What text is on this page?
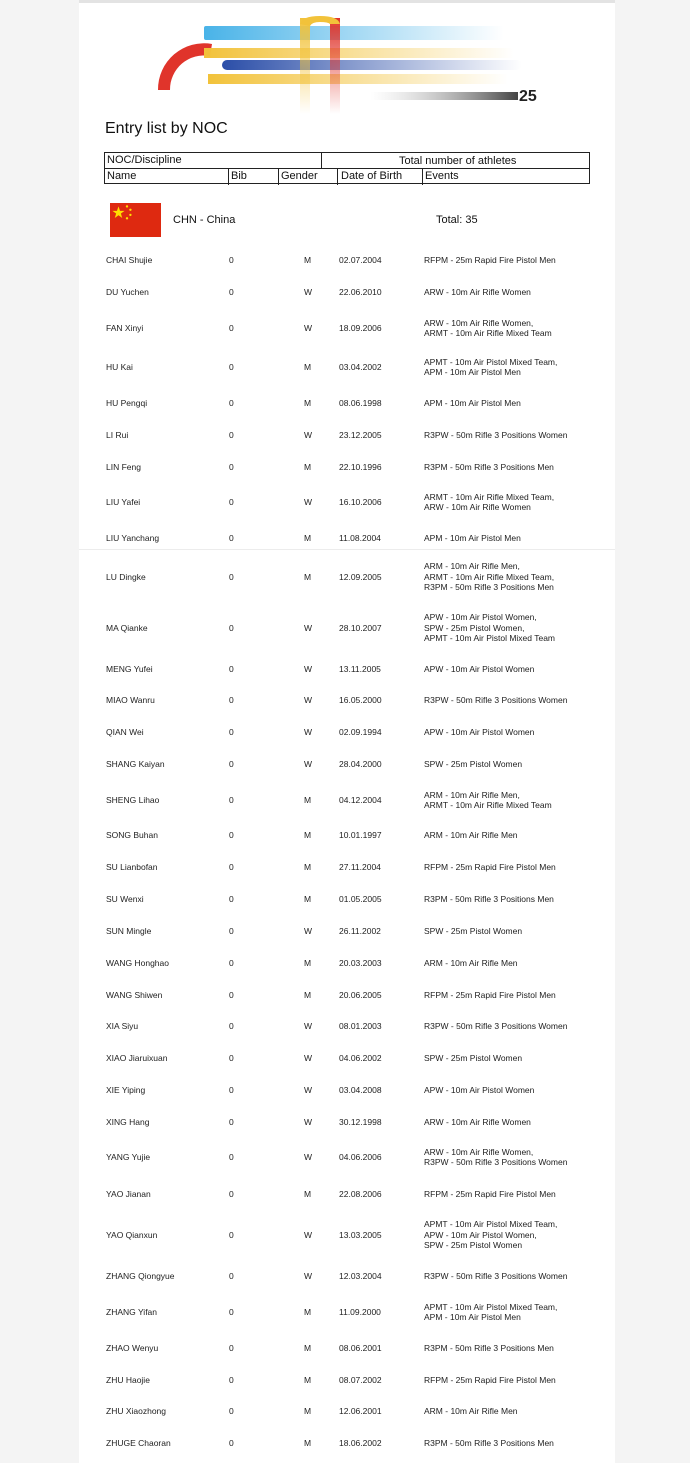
25
Entry list by NOC
NOC/Discipline	Total number of athletes
Name	Bib	Gender Date of Birth Events
CHN - China	Total: 35
CHAI Shujie	0	M	02.07.2004	RFPM - 25m Rapid Fire Pistol Men
DU Yuchen	0	W	22.06.2010	ARW - 10m Air Rifle Women
FAN Xinyi	0	W	18.09.2006
ARW - 10m Air Rifle Women,
ARMT - 10m Air Rifle Mixed Team
HU Kai	0	M	03.04.2002
APMT - 10m Air Pistol Mixed Team,
APM - 10m Air Pistol Men
HU Pengqi	0	M	08.06.1998	APM - 10m Air Pistol Men
LI Rui	0	W	23.12.2005	R3PW - 50m Rifle 3 Positions Women
LIN Feng	0	M	22.10.1996	R3PM - 50m Rifle 3 Positions Men
LIU Yafei	0	W	16.10.2006
ARMT - 10m Air Rifle Mixed Team,
ARW - 10m Air Rifle Women
LIU Yanchang	0	M	11.08.2004	APM - 10m Air Pistol Men
LU Dingke	0	M	12.09.2005
ARM - 10m Air Rifle Men,
ARMT - 10m Air Rifle Mixed Team,
R3PM - 50m Rifle 3 Positions Men
MA Qianke	0	W	28.10.2007
APW - 10m Air Pistol Women,
SPW - 25m Pistol Women,
APMT - 10m Air Pistol Mixed Team
MENG Yufei	0	W	13.11.2005	APW - 10m Air Pistol Women
MIAO Wanru	0	W	16.05.2000	R3PW - 50m Rifle 3 Positions Women
QIAN Wei	0	W	02.09.1994	APW - 10m Air Pistol Women
SHANG Kaiyan	0	W	28.04.2000	SPW - 25m Pistol Women
SHENG Lihao	0	M	04.12.2004
ARM - 10m Air Rifle Men,
ARMT - 10m Air Rifle Mixed Team
SONG Buhan	0	M	10.01.1997	ARM - 10m Air Rifle Men
SU Lianbofan	0	M	27.11.2004	RFPM - 25m Rapid Fire Pistol Men
SU Wenxi	0	M	01.05.2005	R3PM - 50m Rifle 3 Positions Men
SUN Mingle	0	W	26.11.2002	SPW - 25m Pistol Women
WANG Honghao	0	M	20.03.2003	ARM - 10m Air Rifle Men
WANG Shiwen	0	M	20.06.2005	RFPM - 25m Rapid Fire Pistol Men
XIA Siyu	0	W	08.01.2003	R3PW - 50m Rifle 3 Positions Women
XIAO Jiaruixuan	0	W	04.06.2002	SPW - 25m Pistol Women
XIE Yiping	0	W	03.04.2008	APW - 10m Air Pistol Women
XING Hang	0	W	30.12.1998	ARW - 10m Air Rifle Women
YANG Yujie	0	W	04.06.2006
ARW - 10m Air Rifle Women,
R3PW - 50m Rifle 3 Positions Women
YAO Jianan	0	M	22.08.2006	RFPM - 25m Rapid Fire Pistol Men
YAO Qianxun	0	W	13.03.2005
APMT - 10m Air Pistol Mixed Team,
APW - 10m Air Pistol Women,
SPW - 25m Pistol Women
ZHANG Qiongyue	0	W	12.03.2004	R3PW - 50m Rifle 3 Positions Women
ZHANG Yifan	0	M	11.09.2000
APMT - 10m Air Pistol Mixed Team,
APM - 10m Air Pistol Men
ZHAO Wenyu	0	M	08.06.2001	R3PM - 50m Rifle 3 Positions Men
ZHU Haojie	0	M	08.07.2002	RFPM - 25m Rapid Fire Pistol Men
ZHU Xiaozhong	0	M	12.06.2001	ARM - 10m Air Rifle Men
ZHUGE Chaoran	0	M	18.06.2002	R3PM - 50m Rifle 3 Positions Men
